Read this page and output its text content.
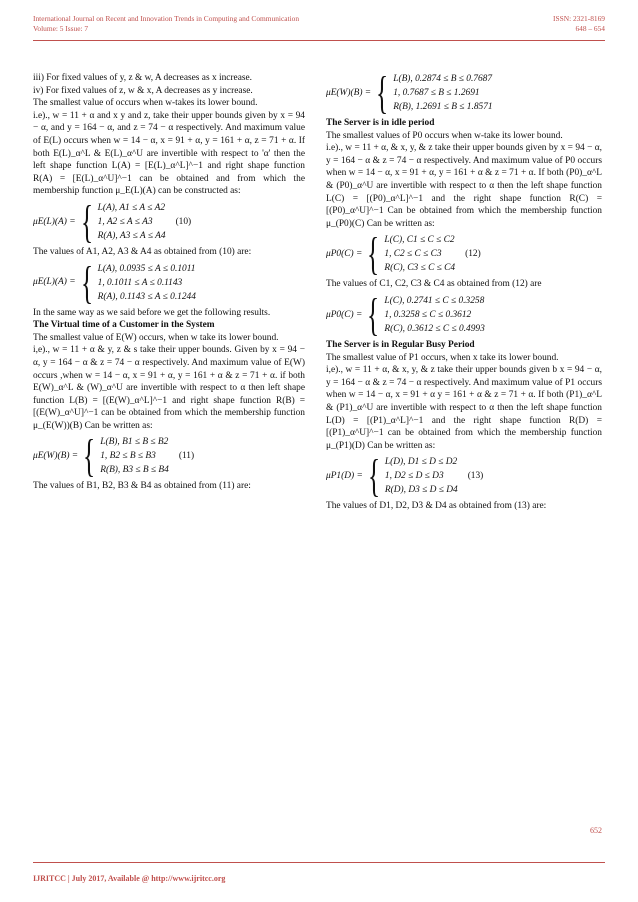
International Journal on Recent and Innovation Trends in Computing and Communication
Volume: 5 Issue: 7
ISSN: 2321-8169
648 – 654

iii) For fixed values of y, z & w, A decreases as x increase.

iv) For fixed values of z, w & x, A decreases as y increase.

The smallest value of occurs when w-takes its lower bound.

i.e)., w = 11 + α and x y and z, take their upper bounds given by x = 94 − α, and y = 164 − α, and z = 74 − α respectively. And maximum value of E(L) occurs when w = 14 − α, x = 91 + α, y = 161 + α, z = 71 + α. If both E(L)_α^L & E(L)_α^U are invertible with respect to 'α' then the left shape function L(A) = [E(L)_α^L]^−1 and right shape function R(A) = [E(L)_α^U]^−1 can be obtained and from which the membership function μ_E(L)(A) can be constructed as:

μE(L)(A) = { L(A), A1 ≤ A ≤ A2
1, A2 ≤ A ≤ A3
R(A), A3 ≤ A ≤ A4
(10)

The values of A1, A2, A3 & A4 as obtained from (10) are:

μE(L)(A) = { L(A), 0.0935 ≤ A ≤ 0.1011
1, 0.1011 ≤ A ≤ 0.1143
R(A), 0.1143 ≤ A ≤ 0.1244

In the same way as we said before we get the following results.

The Virtual time of a Customer in the System

The smallest value of E(W) occurs, when w take its lower bound.

i,e)., w = 11 + α & y, z & s take their upper bounds. Given by x = 94 − α, y = 164 − α & z = 74 − α respectively. And maximum value of E(W) occurs ,when w = 14 − α, x = 91 + α, y = 161 + α & z = 71 + α. if both E(W)_α^L & (W)_α^U are invertible with respect to α then left shape function L(B) = [(E(W)_α^L]^−1 and right shape function R(B) = [(E(W)_α^U]^−1 can be obtained from which the membership function μ_(E(W))(B) Can be written as:

μE(W)(B) = { L(B), B1 ≤ B ≤ B2
1, B2 ≤ B ≤ B3
R(B), B3 ≤ B ≤ B4
(11)

The values of B1, B2, B3 & B4 as obtained from (11) are:

μE(W)(B) = { L(B), 0.2874 ≤ B ≤ 0.7687
1, 0.7687 ≤ B ≤ 1.2691
R(B), 1.2691 ≤ B ≤ 1.8571

The Server is in idle period

The smallest values of P0 occurs when w-take its lower bound.

i.e)., w = 11 + α, & x, y, & z take their upper bounds given by x = 94 − α, y = 164 − α & z = 74 − α respectively. And maximum value of P0 occurs when w = 14 − α, x = 91 + α, y = 161 + α & z = 71 + α. If both (P0)_α^L & (P0)_α^U are invertible with respect to α then the left shape function L(C) = [(P0)_α^L]^−1 and the right shape function R(C) = [(P0)_α^U]^−1 Can be obtained from which the membership function μ_(P0)(C) Can be written as:

μP0(C) = { L(C), C1 ≤ C ≤ C2
1, C2 ≤ C ≤ C3
R(C), C3 ≤ C ≤ C4
(12)

The values of C1, C2, C3 & C4 as obtained from (12) are

μP0(C) = { L(C), 0.2741 ≤ C ≤ 0.3258
1, 0.3258 ≤ C ≤ 0.3612
R(C), 0.3612 ≤ C ≤ 0.4993

The Server is in Regular Busy Period

The smallest value of P1 occurs, when x take its lower bound.

i,e)., w = 11 + α, & x, y, & z take their upper bounds given b x = 94 − α, y = 164 − α & z = 74 − α respectively. And maximum value of P1 occurs when w = 14 − α, x = 91 + α y = 161 + α & z = 71 + α. If both (P1)_α^L & (P1)_α^U are invertible with respect to α then the left shape function L(D) = [(P1)_α^L]^−1 and the right shape function R(D) = [(P1)_α^U]^−1 can be obtained from which the membership function μ_(P1)(D) Can be written as:

μP1(D) = { L(D), D1 ≤ D ≤ D2
1, D2 ≤ D ≤ D3
R(D), D3 ≤ D ≤ D4
(13)

The values of D1, D2, D3 & D4 as obtained from (13) are:

652
IJRITCC | July 2017, Available @ http://www.ijritcc.org
